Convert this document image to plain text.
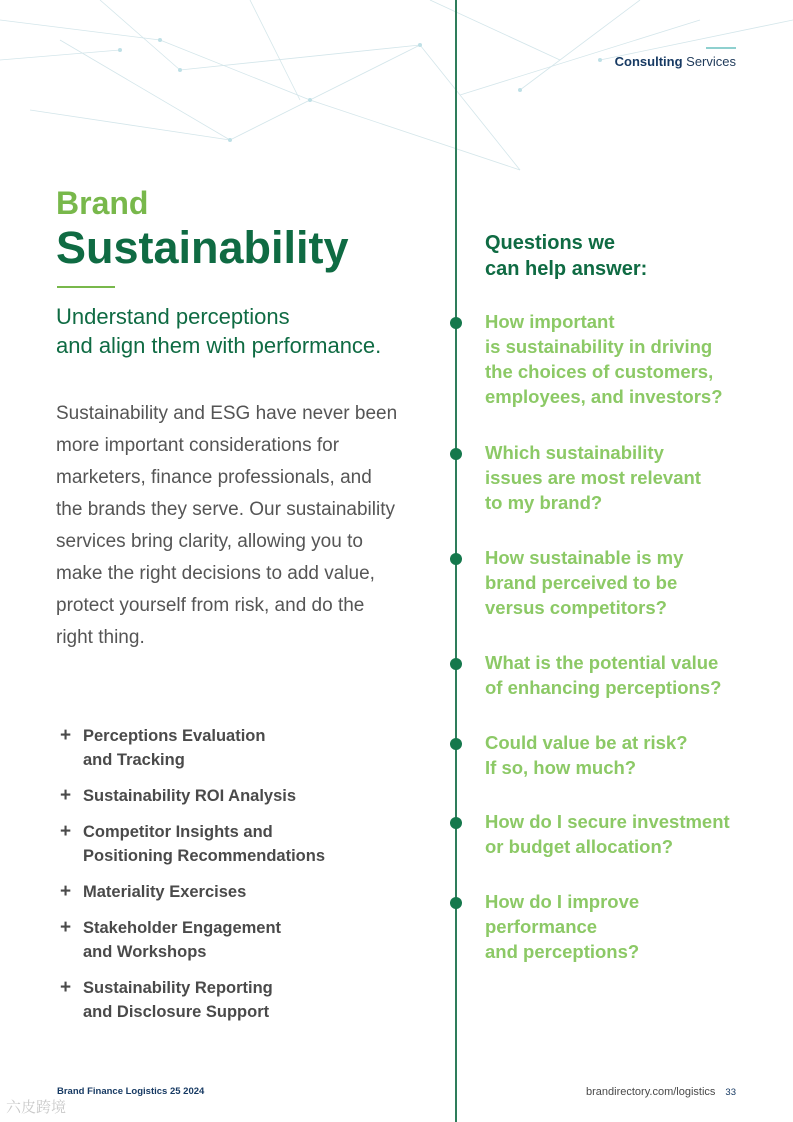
Consulting Services
Brand
Sustainability
Understand perceptions
and align them with performance.
Sustainability and ESG have never been more important considerations for marketers, finance professionals, and the brands they serve. Our sustainability services bring clarity, allowing you to make the right decisions to add value, protect yourself from risk, and do the right thing.
+ Perceptions Evaluation
and Tracking
+ Sustainability ROI Analysis
+ Competitor Insights and
Positioning Recommendations
+ Materiality Exercises
+ Stakeholder Engagement
and Workshops
+ Sustainability Reporting
and Disclosure Support
Questions we
can help answer:
How important
is sustainability in driving
the choices of customers,
employees, and investors?
Which sustainability
issues are most relevant
to my brand?
How sustainable is my
brand perceived to be
versus competitors?
What is the potential value
of enhancing perceptions?
Could value be at risk?
If so, how much?
How do I secure investment
or budget allocation?
How do I improve
performance
and perceptions?
Brand Finance Logistics 25 2024	brandirectory.com/logistics 33
六皮跨境
